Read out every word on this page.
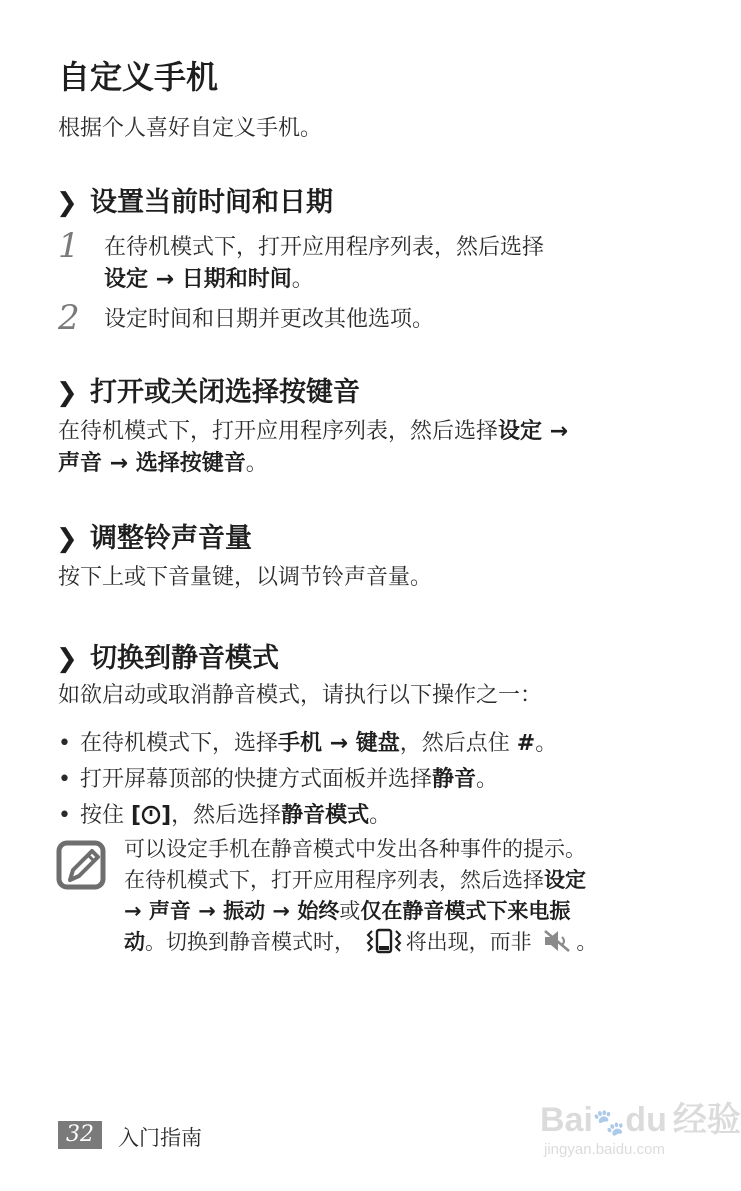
自定义手机
根据个人喜好自定义手机。
❯ 设置当前时间和日期
1 在待机模式下，打开应用程序列表，然后选择
设定 → 日期和时间。
2 设定时间和日期并更改其他选项。
❯ 打开或关闭选择按键音
在待机模式下，打开应用程序列表，然后选择设定 →
声音 → 选择按键音。
❯ 调整铃声音量
按下上或下音量键，以调节铃声音量。
❯ 切换到静音模式
如欲启动或取消静音模式，请执行以下操作之一：
• 在待机模式下，选择手机 → 键盘，然后点住 #。
• 打开屏幕顶部的快捷方式面板并选择静音。
• 按住 [ ]，然后选择静音模式。
可以设定手机在静音模式中发出各种事件的提示。
在待机模式下，打开应用程序列表，然后选择设定
→ 声音 → 振动 → 始终或仅在静音模式下来电振
动。切换到静音模式时， 将出现，而非 。
32	入门指南	Bai🐾du 经验
jingyan.baidu.com
